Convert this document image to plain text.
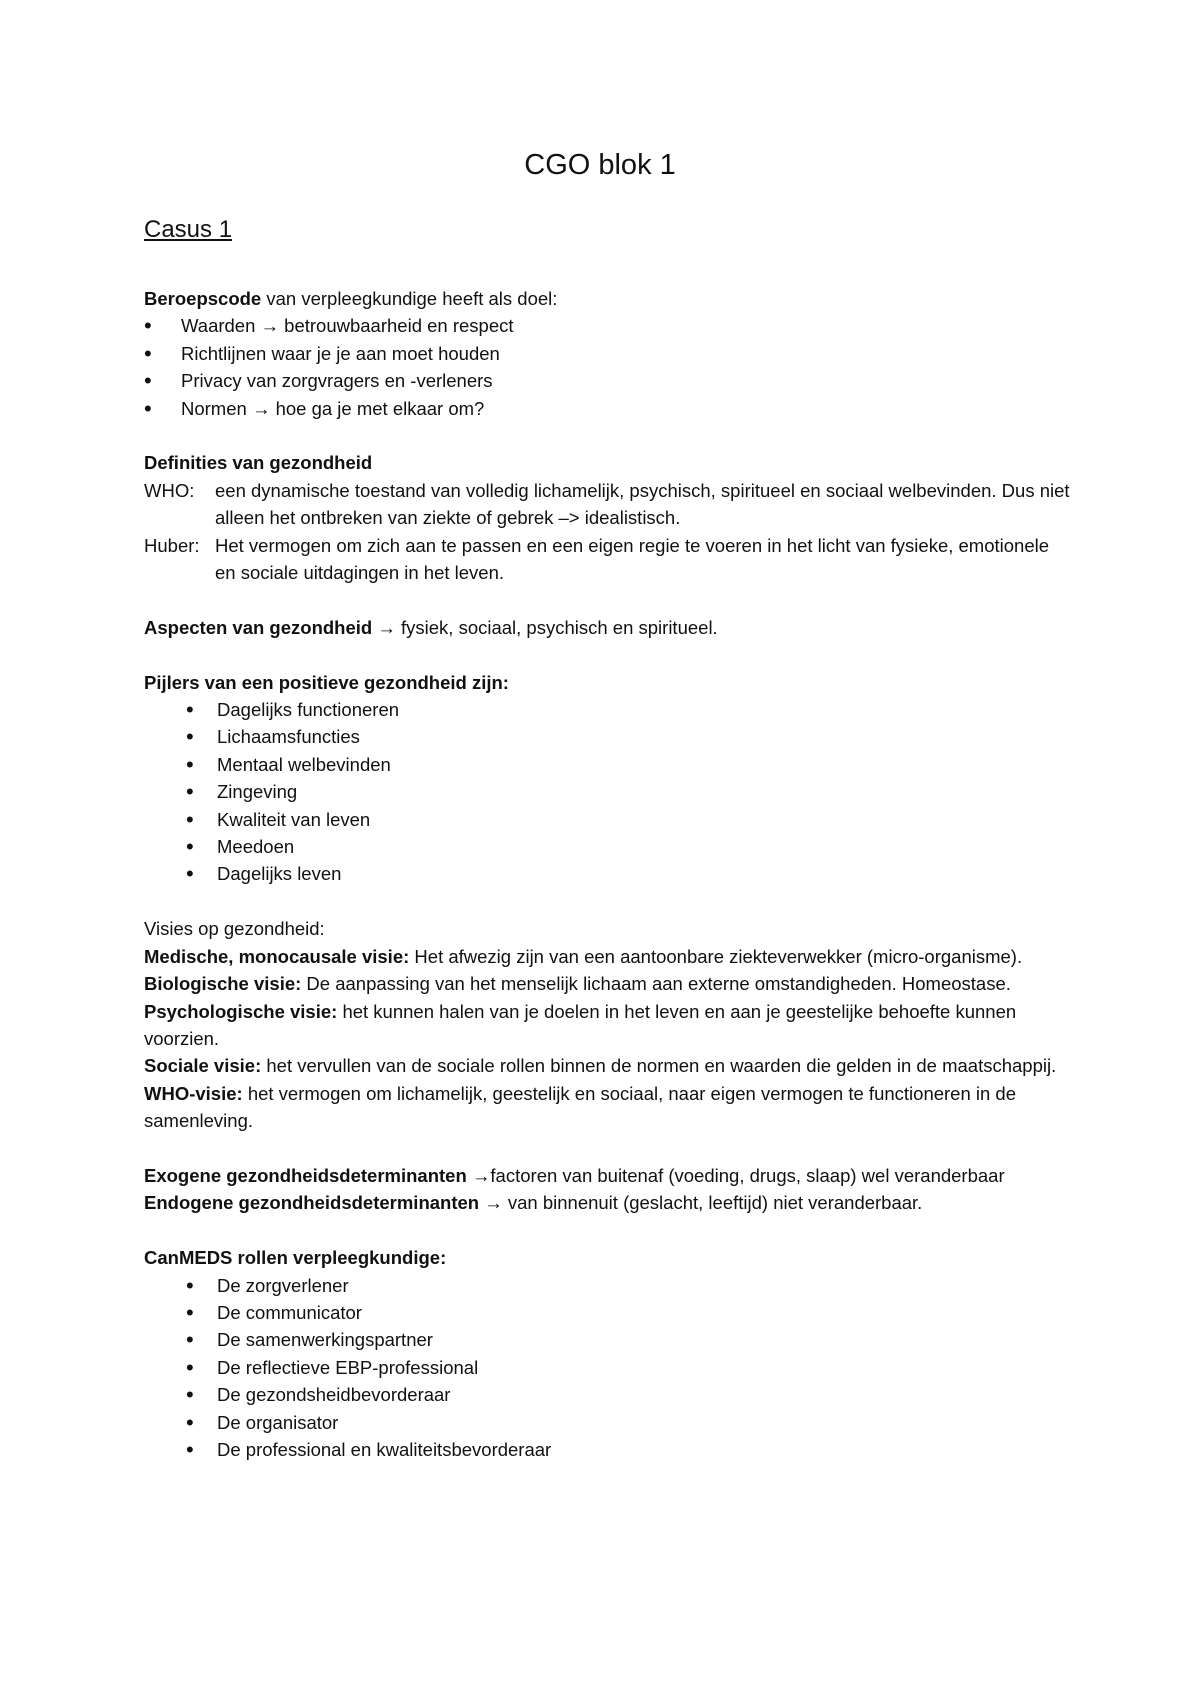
CGO blok 1
Casus 1

Beroepscode van verpleegkundige heeft als doel:

• Waarden → betrouwbaarheid en respect
• Richtlijnen waar je je aan moet houden
• Privacy van zorgvragers en -verleners
• Normen → hoe ga je met elkaar om?

Definities van gezondheid

WHO:	een dynamische toestand van volledig lichamelijk, psychisch, spiritueel en sociaal welbevinden. Dus niet alleen het ontbreken van ziekte of gebrek –> idealistisch.
Huber: Het vermogen om zich aan te passen en een eigen regie te voeren in het licht van fysieke, emotionele en sociale uitdagingen in het leven.

Aspecten van gezondheid → fysiek, sociaal, psychisch en spiritueel.

Pijlers van een positieve gezondheid zijn:

• Dagelijks functioneren
• Lichaamsfuncties
• Mentaal welbevinden
• Zingeving
• Kwaliteit van leven
• Meedoen
• Dagelijks leven

Visies op gezondheid:

Medische, monocausale visie: Het afwezig zijn van een aantoonbare ziekteverwekker (micro-organisme).

Biologische visie: De aanpassing van het menselijk lichaam aan externe omstandigheden. Homeostase.

Psychologische visie: het kunnen halen van je doelen in het leven en aan je geestelijke behoefte kunnen voorzien.

Sociale visie: het vervullen van de sociale rollen binnen de normen en waarden die gelden in de maatschappij.

WHO-visie: het vermogen om lichamelijk, geestelijk en sociaal, naar eigen vermogen te functioneren in de samenleving.

Exogene gezondheidsdeterminanten →factoren van buitenaf (voeding, drugs, slaap) wel veranderbaar

Endogene gezondheidsdeterminanten → van binnenuit (geslacht, leeftijd) niet veranderbaar.

CanMEDS rollen verpleegkundige:

• De zorgverlener
• De communicator
• De samenwerkingspartner
• De reflectieve EBP-professional
• De gezondsheidbevorderaar
• De organisator
• De professional en kwaliteitsbevorderaar
